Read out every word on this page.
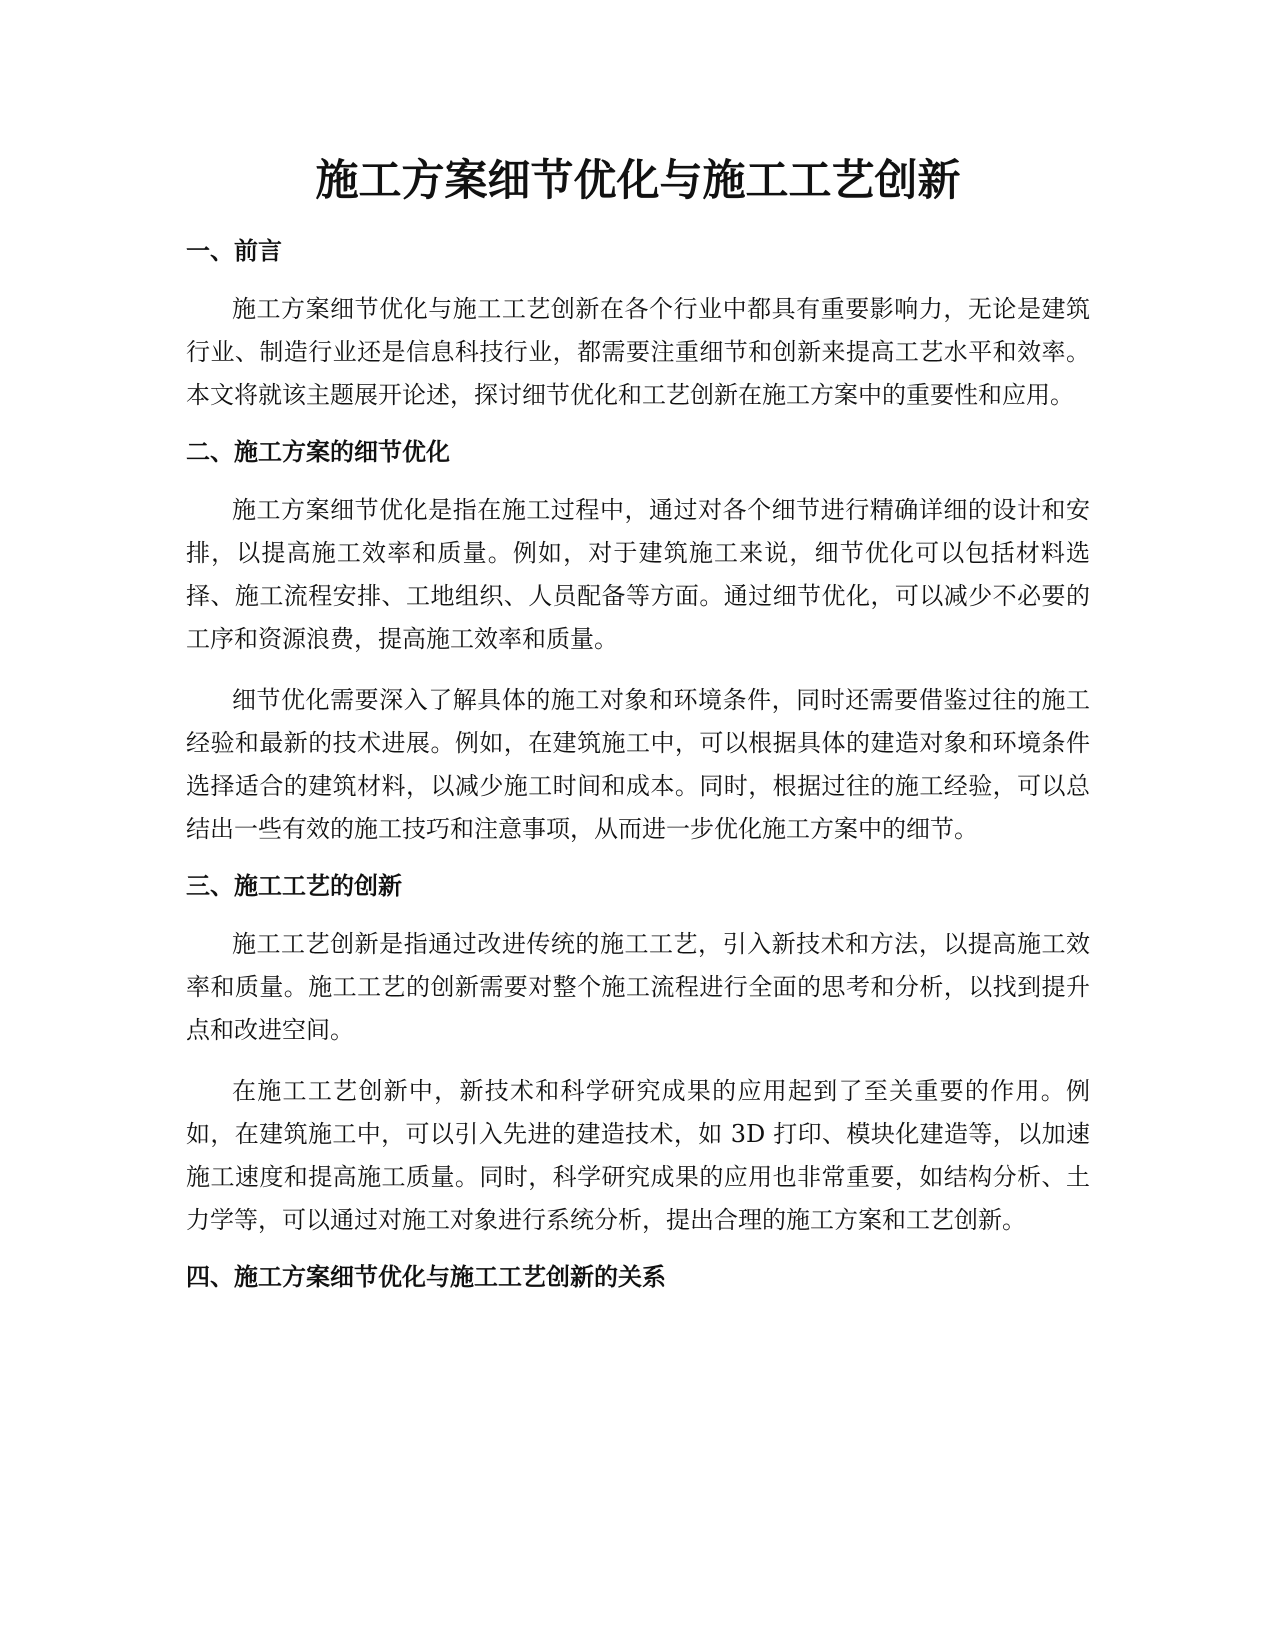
施工方案细节优化与施工工艺创新
一、前言

施工方案细节优化与施工工艺创新在各个行业中都具有重要影响力，无论是建筑行业、制造行业还是信息科技行业，都需要注重细节和创新来提高工艺水平和效率。本文将就该主题展开论述，探讨细节优化和工艺创新在施工方案中的重要性和应用。

二、施工方案的细节优化

施工方案细节优化是指在施工过程中，通过对各个细节进行精确详细的设计和安排，以提高施工效率和质量。例如，对于建筑施工来说，细节优化可以包括材料选择、施工流程安排、工地组织、人员配备等方面。通过细节优化，可以减少不必要的工序和资源浪费，提高施工效率和质量。

细节优化需要深入了解具体的施工对象和环境条件，同时还需要借鉴过往的施工经验和最新的技术进展。例如，在建筑施工中，可以根据具体的建造对象和环境条件选择适合的建筑材料，以减少施工时间和成本。同时，根据过往的施工经验，可以总结出一些有效的施工技巧和注意事项，从而进一步优化施工方案中的细节。

三、施工工艺的创新

施工工艺创新是指通过改进传统的施工工艺，引入新技术和方法，以提高施工效率和质量。施工工艺的创新需要对整个施工流程进行全面的思考和分析，以找到提升点和改进空间。

在施工工艺创新中，新技术和科学研究成果的应用起到了至关重要的作用。例如，在建筑施工中，可以引入先进的建造技术，如 3D 打印、模块化建造等，以加速施工速度和提高施工质量。同时，科学研究成果的应用也非常重要，如结构分析、土力学等，可以通过对施工对象进行系统分析，提出合理的施工方案和工艺创新。

四、施工方案细节优化与施工工艺创新的关系
